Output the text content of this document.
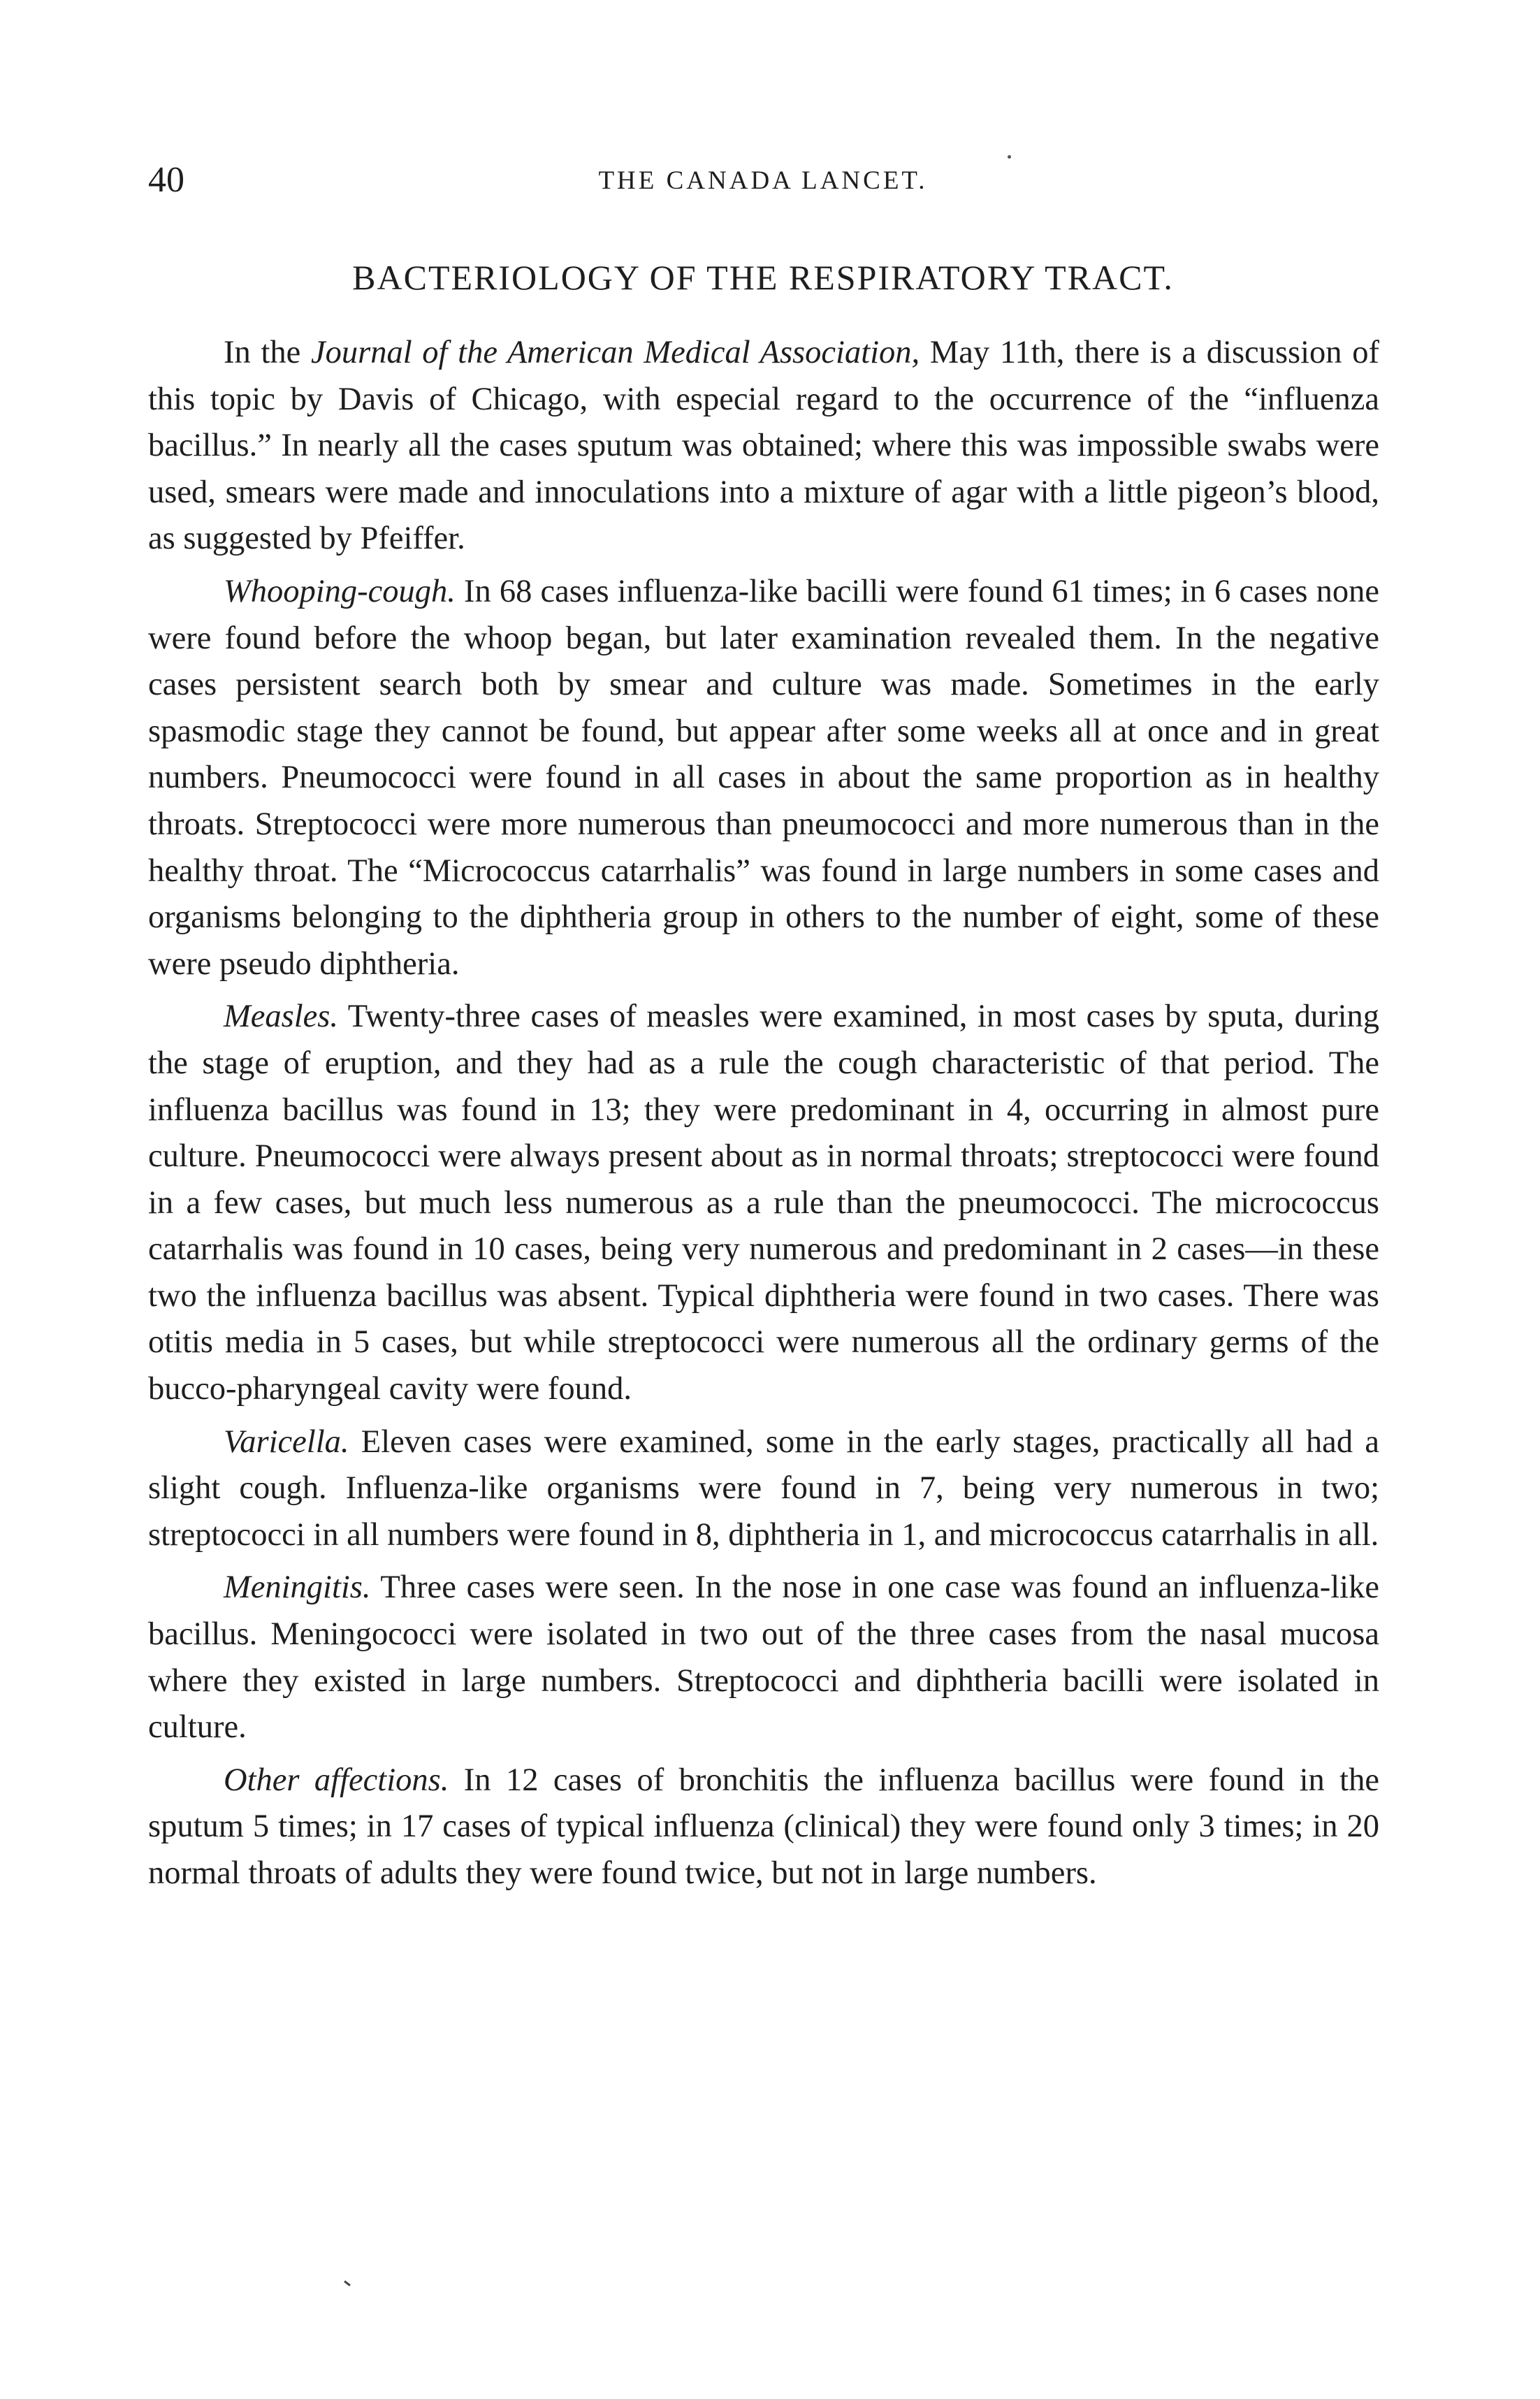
40	THE CANADA LANCET.
BACTERIOLOGY OF THE RESPIRATORY TRACT.

In the Journal of the American Medical Association, May 11th, there is a discussion of this topic by Davis of Chicago, with especial regard to the occurrence of the “influenza bacillus.” In nearly all the cases sputum was obtained; where this was impossible swabs were used, smears were made and innoculations into a mixture of agar with a little pigeon’s blood, as suggested by Pfeiffer.

Whooping-cough. In 68 cases influenza-like bacilli were found 61 times; in 6 cases none were found before the whoop began, but later examination revealed them. In the negative cases persistent search both by smear and culture was made. Sometimes in the early spasmodic stage they cannot be found, but appear after some weeks all at once and in great numbers. Pneumococci were found in all cases in about the same proportion as in healthy throats. Streptococci were more numerous than pneumococci and more numerous than in the healthy throat. The “Micrococcus catarrhalis” was found in large numbers in some cases and organisms belonging to the diphtheria group in others to the number of eight, some of these were pseudo diphtheria.

Measles. Twenty-three cases of measles were examined, in most cases by sputa, during the stage of eruption, and they had as a rule the cough characteristic of that period. The influenza bacillus was found in 13; they were predominant in 4, occurring in almost pure culture. Pneumococci were always present about as in normal throats; streptococci were found in a few cases, but much less numerous as a rule than the pneumococci. The micrococcus catarrhalis was found in 10 cases, being very numerous and predominant in 2 cases—in these two the influenza bacillus was absent. Typical diphtheria were found in two cases. There was otitis media in 5 cases, but while streptococci were numerous all the ordinary germs of the bucco-pharyngeal cavity were found.

Varicella. Eleven cases were examined, some in the early stages, practically all had a slight cough. Influenza-like organisms were found in 7, being very numerous in two; streptococci in all numbers were found in 8, diphtheria in 1, and micrococcus catarrhalis in all.

Meningitis. Three cases were seen. In the nose in one case was found an influenza-like bacillus. Meningococci were isolated in two out of the three cases from the nasal mucosa where they existed in large numbers. Streptococci and diphtheria bacilli were isolated in culture.

Other affections. In 12 cases of bronchitis the influenza bacillus were found in the sputum 5 times; in 17 cases of typical influenza (clinical) they were found only 3 times; in 20 normal throats of adults they were found twice, but not in large numbers.
